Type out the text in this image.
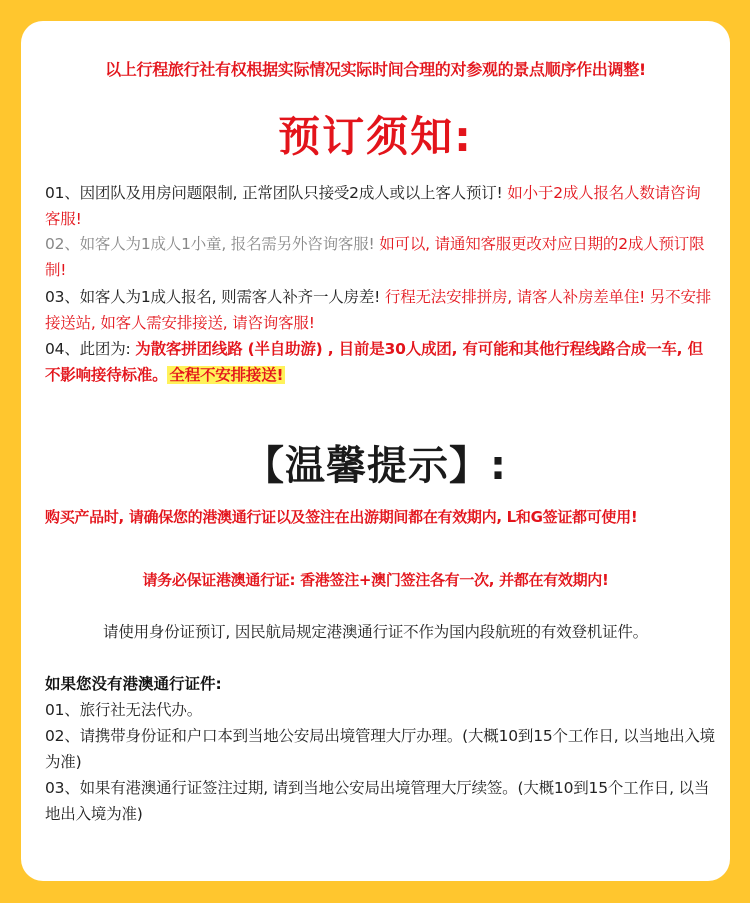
以上行程旅行社有权根据实际情况实际时间合理的对参观的景点顺序作出调整!
预订须知:
01、因团队及用房问题限制, 正常团队只接受2成人或以上客人预订! 如小于2成人报名人数请咨询客服!
02、如客人为1成人1小童, 报名需另外咨询客服! 如可以, 请通知客服更改对应日期的2成人预订限制!
03、如客人为1成人报名, 则需客人补齐一人房差! 行程无法安排拼房, 请客人补房差单住! 另不安排接送站, 如客人需安排接送, 请咨询客服!
04、此团为: 为散客拼团线路 (半自助游) , 目前是30人成团, 有可能和其他行程线路合成一车, 但不影响接待标准。 全程不安排接送!
【温馨提示】:
购买产品时, 请确保您的港澳通行证以及签注在出游期间都在有效期内, L和G签证都可使用!
请务必保证港澳通行证: 香港签注+澳门签注各有一次, 并都在有效期内!
请使用身份证预订, 因民航局规定港澳通行证不作为国内段航班的有效登机证件。
如果您没有港澳通行证件:
01、旅行社无法代办。
02、请携带身份证和户口本到当地公安局出境管理大厅办理。(大概10到15个工作日, 以当地出入境为准)
03、如果有港澳通行证签注过期, 请到当地公安局出境管理大厅续签。(大概10到15个工作日, 以当地出入境为准)
